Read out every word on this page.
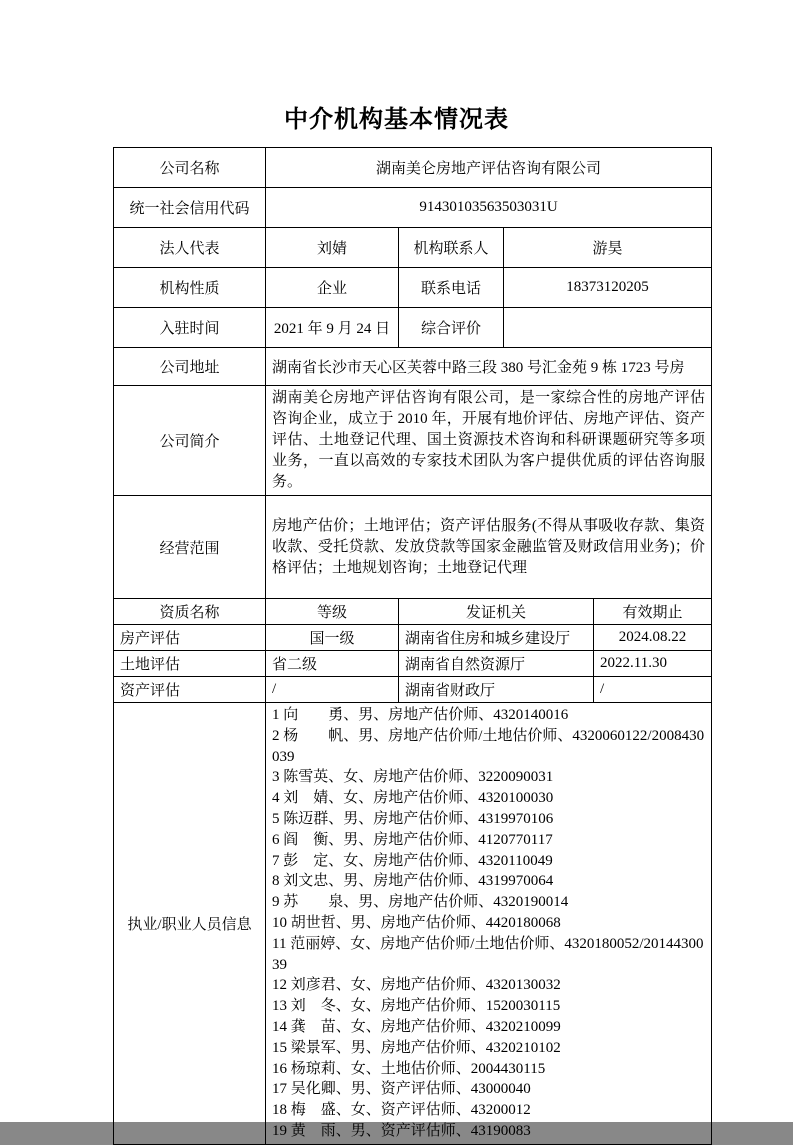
中介机构基本情况表
公司名称	湖南美仑房地产评估咨询有限公司			
统一社会信用代码	91430103563503031U			
法人代表	刘婧	机构联系人	游昊	
机构性质	企业	联系电话	18373120205	
入驻时间	2021 年 9 月 24 日	综合评价		
公司地址	湖南省长沙市天心区芙蓉中路三段 380 号汇金苑 9 栋 1723 号房			
公司简介	湖南美仑房地产评估咨询有限公司，是一家综合性的房地产评估咨询企业，成立于 2010 年，开展有地价评估、房地产评估、资产评估、土地登记代理、国土资源技术咨询和科研课题研究等多项业务，一直以高效的专家技术团队为客户提供优质的评估咨询服务。			
经营范围	房地产估价；土地评估；资产评估服务(不得从事吸收存款、集资收款、受托贷款、发放贷款等国家金融监管及财政信用业务)；价格评估；土地规划咨询；土地登记代理			
资质名称	等级	发证机关		有效期止
房产评估	国一级	湖南省住房和城乡建设厅		2024.08.22
土地评估	省二级	湖南省自然资源厅		2022.11.30
资产评估	/	湖南省财政厅		/
执业/职业人员信息	
1 向　　勇、男、房地产估价师、4320140016
2 杨　　帆、男、房地产估价师/土地估价师、4320060122/2008430039
3 陈雪英、女、房地产估价师、3220090031
4 刘　婧、女、房地产估价师、4320100030
5 陈迈群、男、房地产估价师、4319970106
6 阎　衡、男、房地产估价师、4120770117
7 彭　定、女、房地产估价师、4320110049
8 刘文忠、男、房地产估价师、4319970064
9 苏　　泉、男、房地产估价师、4320190014
10 胡世哲、男、房地产估价师、4420180068
11 范丽婷、女、房地产估价师/土地估价师、4320180052/2014430039
12 刘彦君、女、房地产估价师、4320130032
13 刘　冬、女、房地产估价师、1520030115
14 龚　苗、女、房地产估价师、4320210099
15 梁景军、男、房地产估价师、4320210102
16 杨琼莉、女、土地估价师、2004430115
17 吴化卿、男、资产评估师、43000040
18 梅　盛、女、资产评估师、43200012
19 黄　雨、男、资产评估师、43190083
